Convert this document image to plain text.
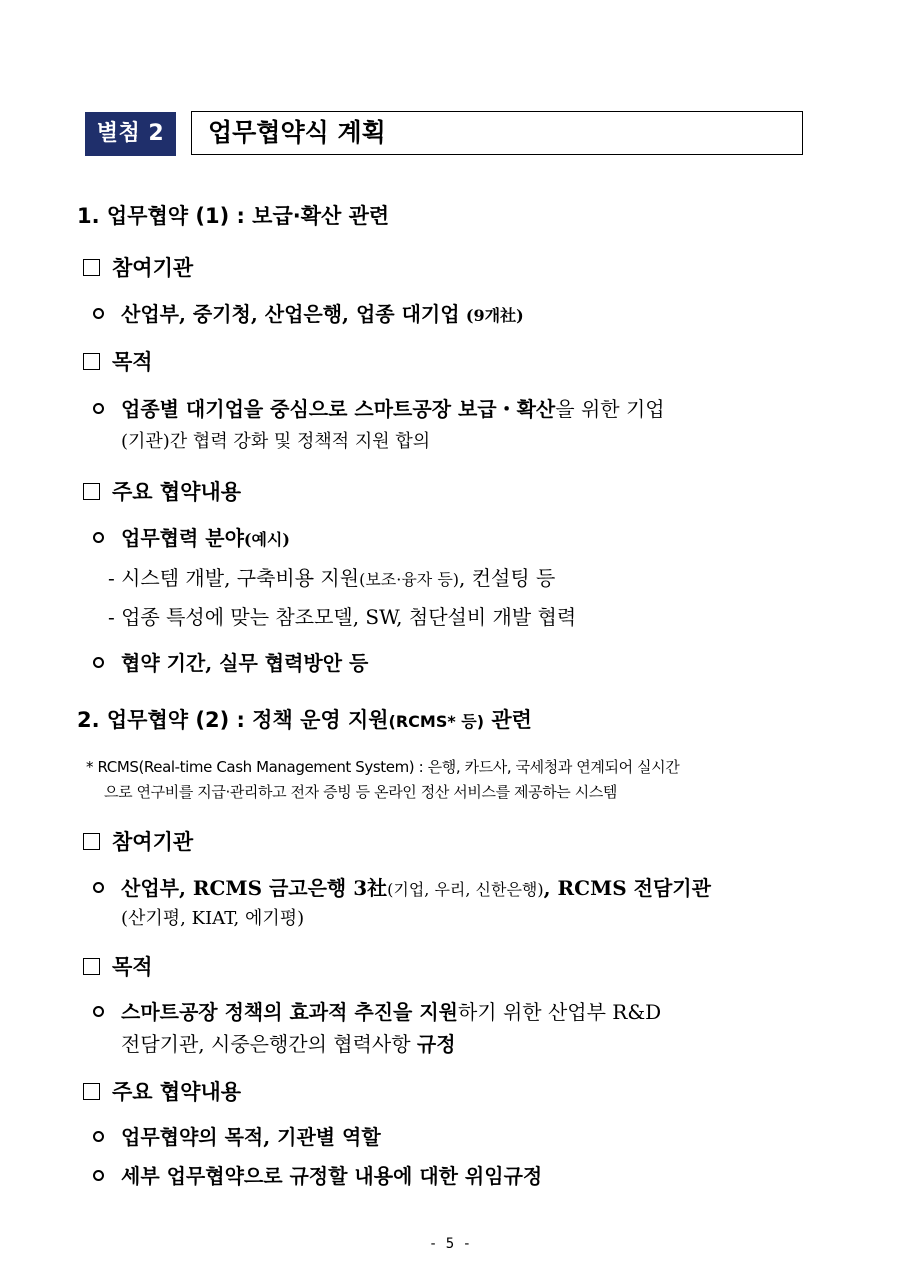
별첨 2	업무협약식 계획
1. 업무협약 (1) : 보급·확산 관련
참여기관
산업부, 중기청, 산업은행, 업종 대기업
(9개社)
목적
업종별 대기업을 중심으로 스마트공장 보급・확산 을 위한 기업
(기관)간 협력 강화 및 정책적 지원 합의
주요 협약내용
업무협력 분야 (예시)
- 시스템 개발, 구축비용 지원(보조·융자 등), 컨설팅 등
- 업종 특성에 맞는 참조모델, SW, 첨단설비 개발 협력
협약 기간, 실무 협력방안 등
2. 업무협약 (2) : 정책 운영 지원(RCMS* 등) 관련
* RCMS(Real-time Cash Management System) : 은행, 카드사, 국세청과 연계되어 실시간
으로 연구비를 지급·관리하고 전자 증빙 등 온라인 정산 서비스를 제공하는 시스템
참여기관
산업부, RCMS 금고은행 3社 (기업, 우리, 신한은행) , RCMS 전담기관
(산기평, KIAT, 에기평)
목적
스마트공장 정책의 효과적 추진을 지원 하기 위한 산업부 R&D
전담기관, 시중은행간의 협력사항 규정
주요 협약내용
업무협약의 목적, 기관별 역할
세부 업무협약으로 규정할 내용에 대한 위임규정
- 5 -
